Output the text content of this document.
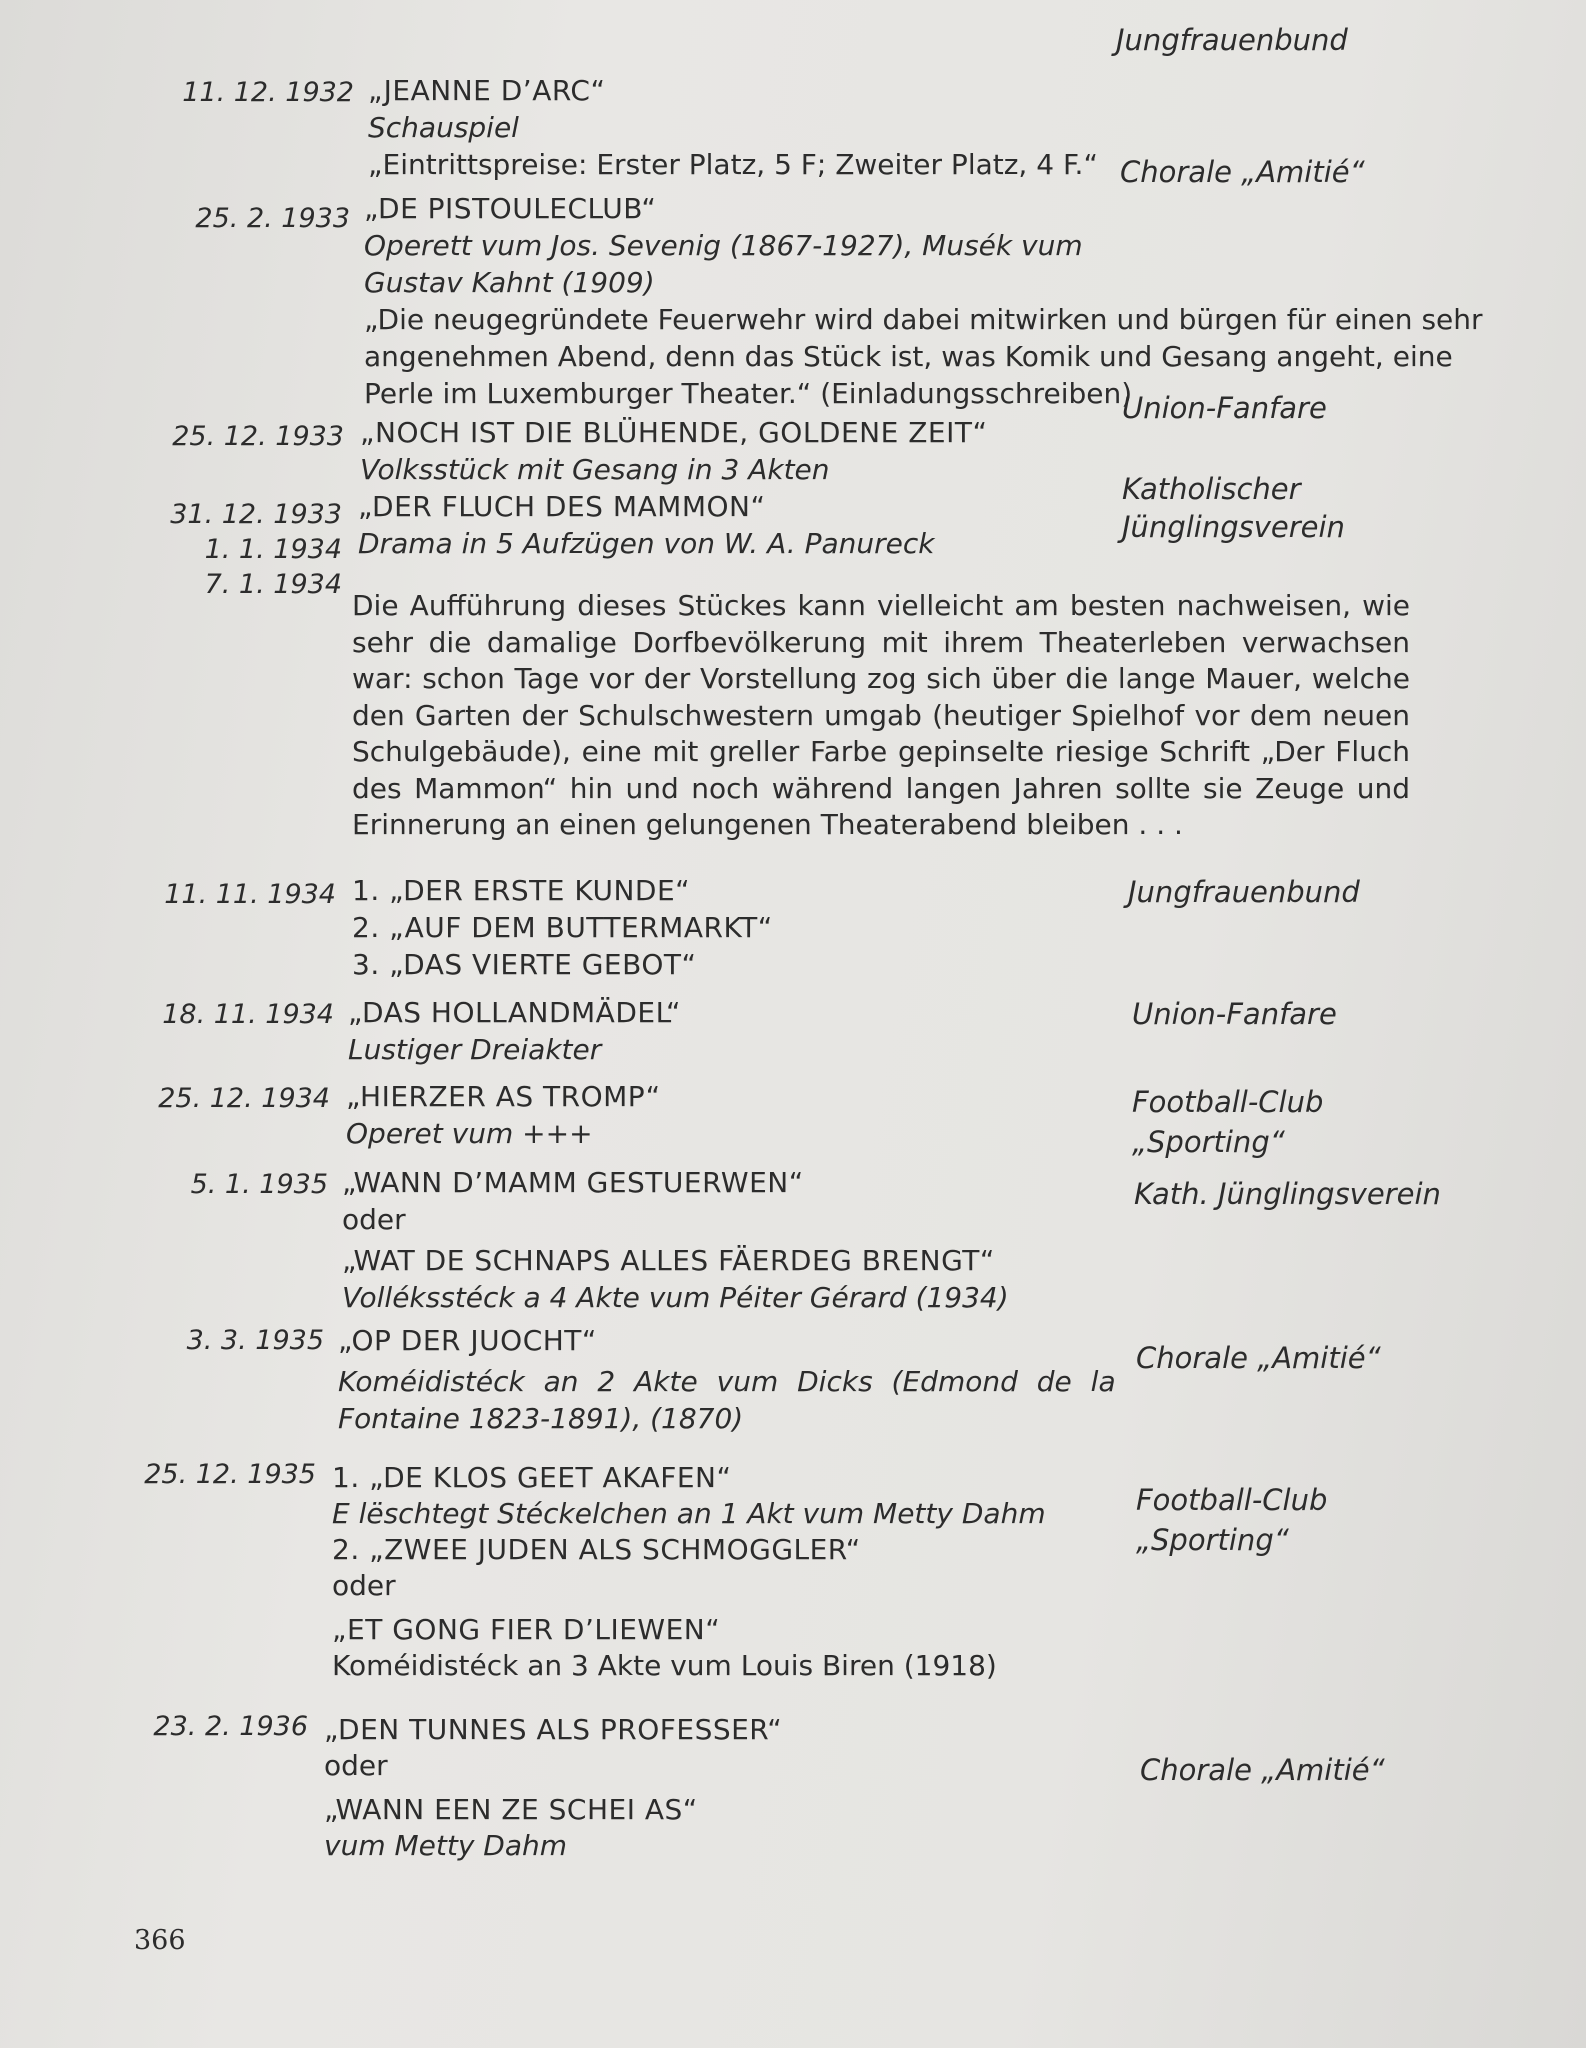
Jungfrauenbund
11. 12. 1932 „JEANNE D’ARC“
Schauspiel
„Eintrittspreise: Erster Platz, 5 F; Zweiter Platz, 4 F.“
25. 2. 1933 „DE PISTOULECLUB“
Operett vum Jos. Sevenig (1867-1927), Musék vum
Gustav Kahnt (1909)
„Die neugegründete Feuerwehr wird dabei mitwirken und bürgen für einen sehr
angenehmen Abend, denn das Stück ist, was Komik und Gesang angeht, eine
Perle im Luxemburger Theater.“ (Einladungsschreiben)
Chorale „Amitié“
25. 12. 1933 „NOCH IST DIE BLÜHENDE, GOLDENE ZEIT“
Volksstück mit Gesang in 3 Akten
Union-Fanfare
31. 12. 1933
1. 1. 1934
7. 1. 1934
„DER FLUCH DES MAMMON“
Drama in 5 Aufzügen von W. A. Panureck
Katholischer Jünglingsverein
Die Aufführung dieses Stückes kann vielleicht am besten nachweisen, wie sehr die damalige Dorfbevölkerung mit ihrem Theaterleben verwachsen war: schon Tage vor der Vorstellung zog sich über die lange Mauer, welche den Garten der Schulschwestern umgab (heutiger Spielhof vor dem neuen Schulgebäude), eine mit greller Farbe gepinselte riesige Schrift „Der Fluch des Mammon“ hin und noch während langen Jahren sollte sie Zeuge und Erinnerung an einen gelungenen Theaterabend bleiben . . .
11. 11. 1934 1. „DER ERSTE KUNDE“
2. „AUF DEM BUTTERMARKT“
3. „DAS VIERTE GEBOT“
Jungfrauenbund
18. 11. 1934 „DAS HOLLANDMÄDEL“
Lustiger Dreiakter
Union-Fanfare
25. 12. 1934 „HIERZER AS TROMP“
Operet vum +++
Football-Club „Sporting“
5. 1. 1935 „WANN D’MAMM GESTUERWEN“
oder
„WAT DE SCHNAPS ALLES FÄERDEG BRENGT“
Volléksstéck a 4 Akte vum Péiter Gérard (1934)
Kath. Jünglingsverein
3. 3. 1935 „OP DER JUOCHT“
Koméidistéck an 2 Akte vum Dicks (Edmond de la
Fontaine 1823-1891), (1870)
Chorale „Amitié“
25. 12. 1935 1. „DE KLOS GEET AKAFEN“
E lëschtegt Stéckelchen an 1 Akt vum Metty Dahm
2. „ZWEE JUDEN ALS SCHMOGGLER“
oder
„ET GONG FIER D’LIEWEN“
Koméidistéck an 3 Akte vum Louis Biren (1918)
Football-Club „Sporting“
23. 2. 1936 „DEN TUNNES ALS PROFESSER“
oder
„WANN EEN ZE SCHEI AS“
vum Metty Dahm
Chorale „Amitié“
366
